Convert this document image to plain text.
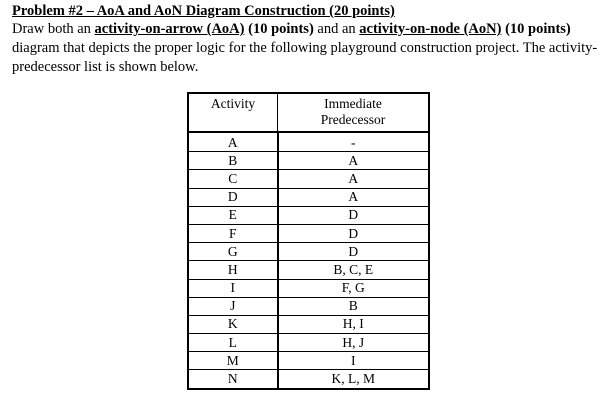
Problem #2 – AoA and AoN Diagram Construction (20 points)

Draw both an activity-on-arrow (AoA) (10 points) and an activity-on-node (AoN) (10 points) diagram that depicts the proper logic for the following playground construction project. The activity-predecessor list is shown below.

Activity	Immediate
Predecessor
A	-
B	A
C	A
D	A
E	D
F	D
G	D
H	B, C, E
I	F, G
J	B
K	H, I
L	H, J
M	I
N	K, L, M
